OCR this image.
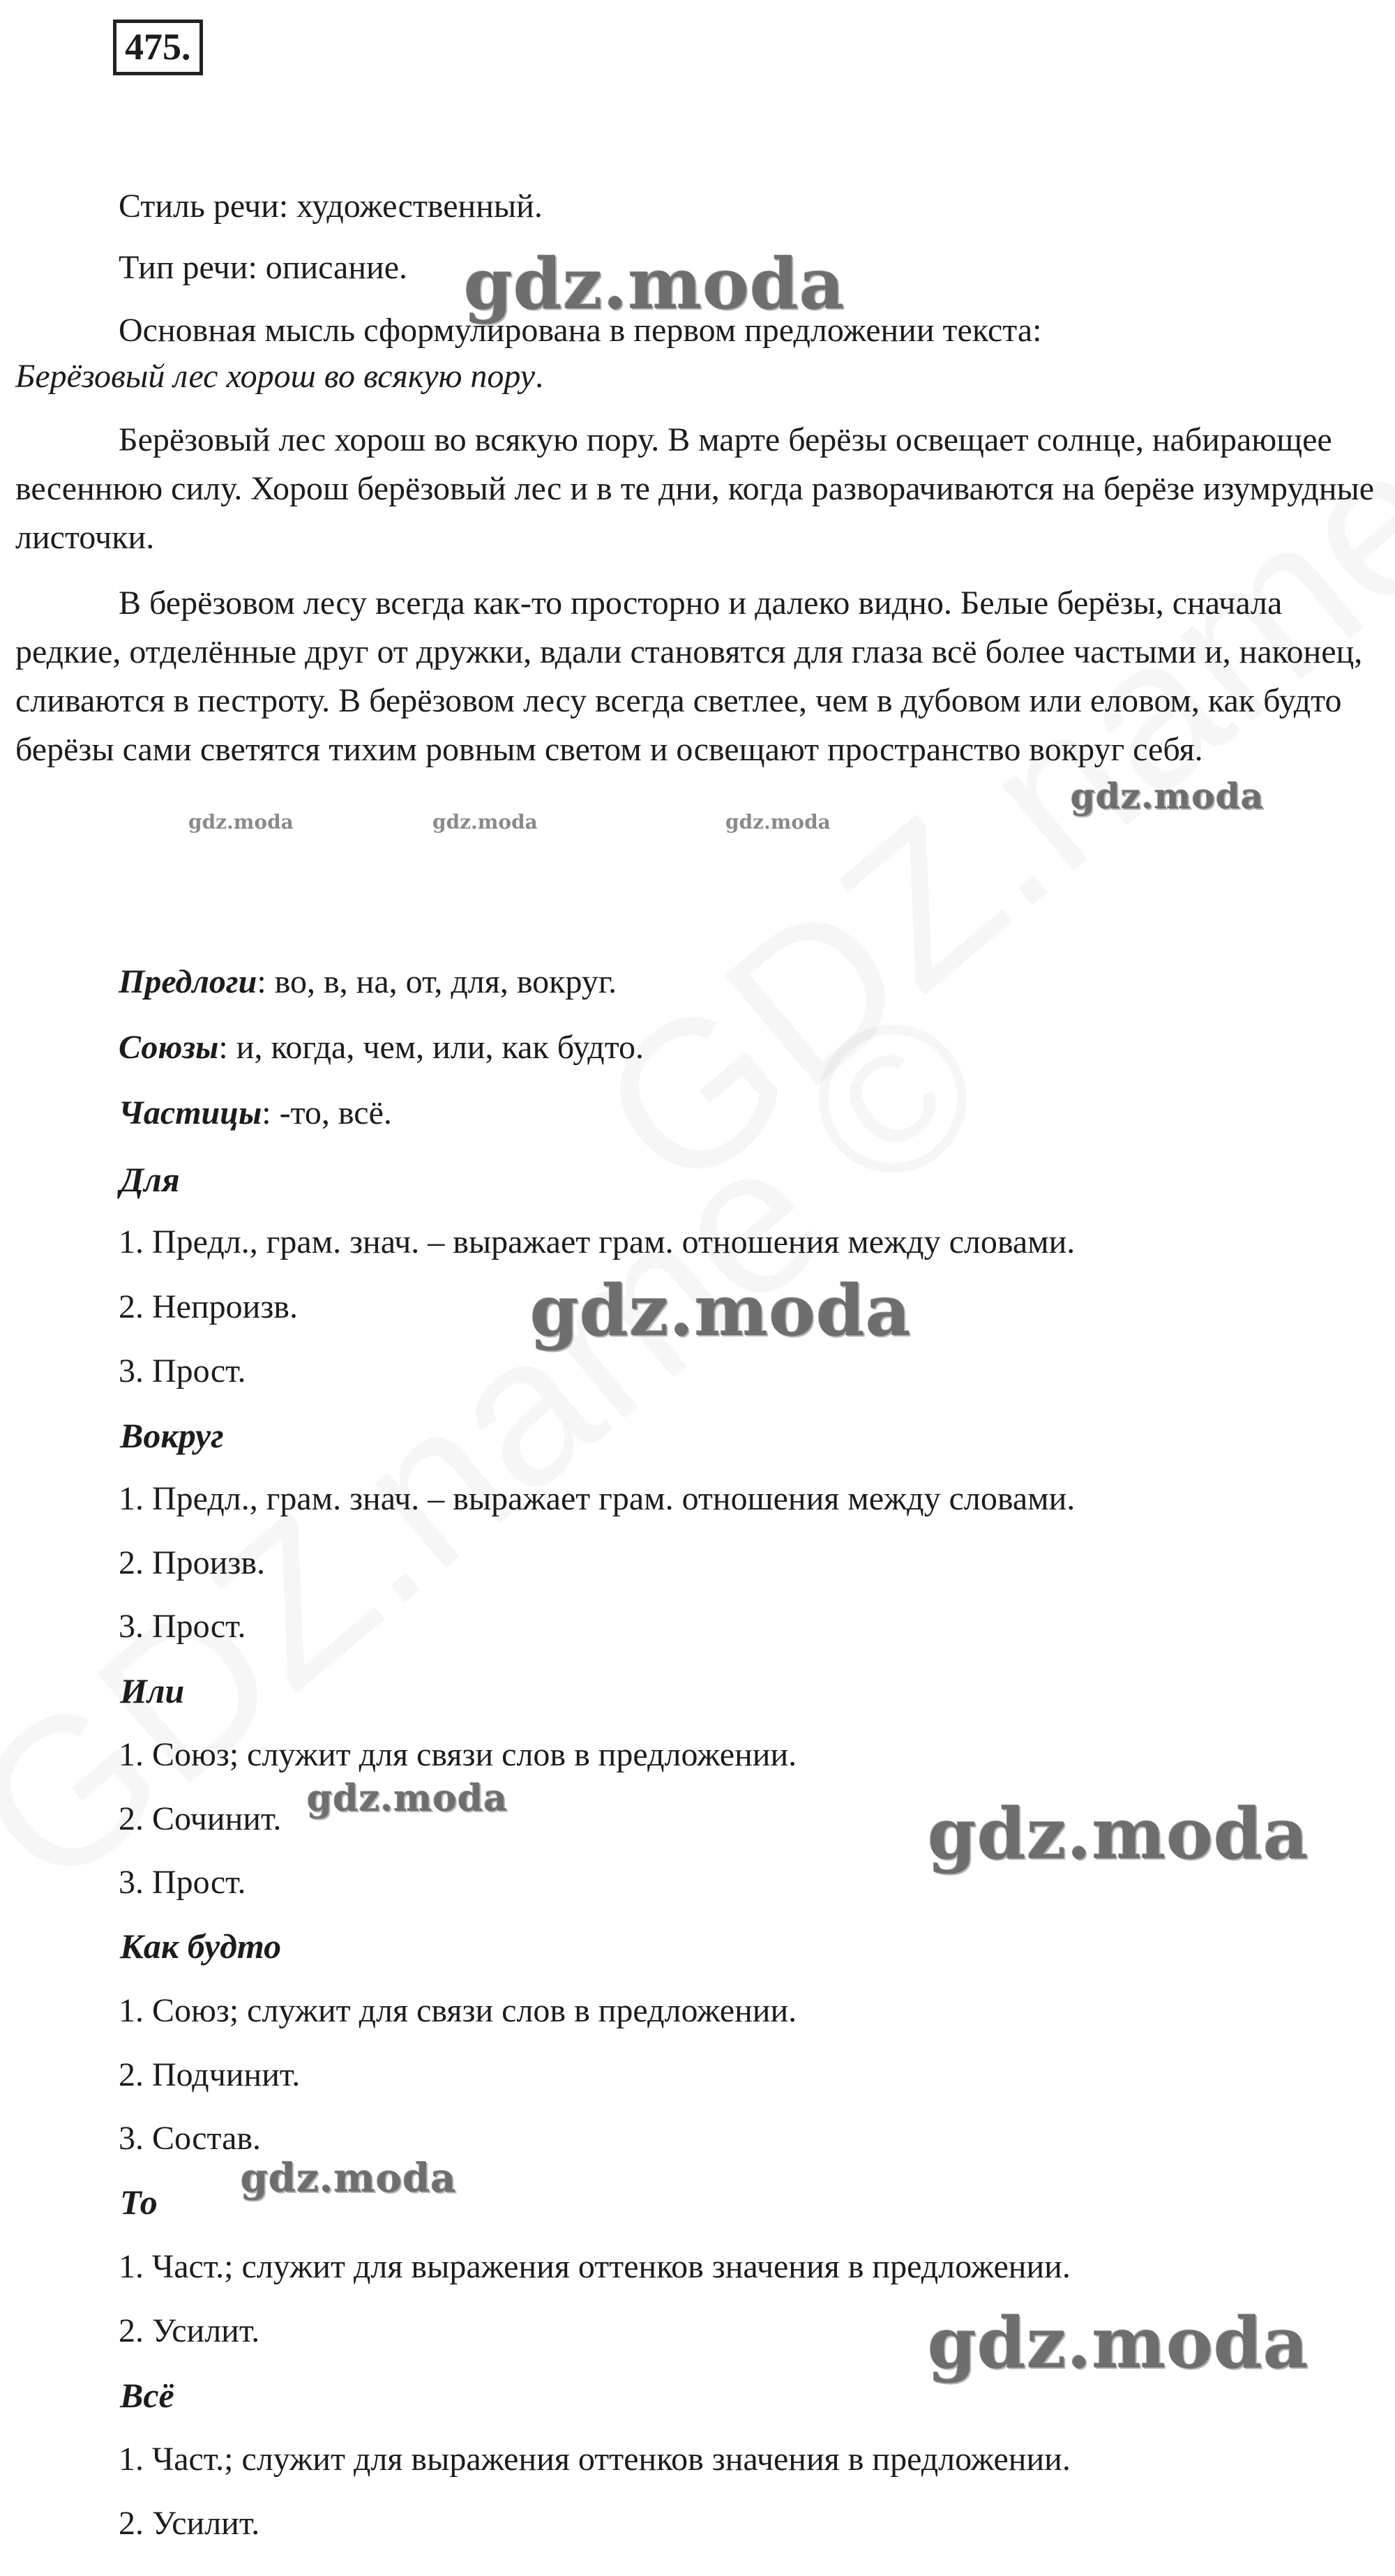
475.
Стиль речи: художественный.
Тип речи: описание.
Основная мысль сформулирована в первом предложении текста:
Берёзовый лес хорош во всякую пору.
Берёзовый лес хорош во всякую пору. В марте берёзы освещает солнце, набирающее весеннюю силу. Хорош берёзовый лес и в те дни, когда разворачиваются на берёзе изумрудные листочки.
В берёзовом лесу всегда как-то просторно и далеко видно. Белые берёзы, сначала редкие, отделённые друг от дружки, вдали становятся для глаза всё более частыми и, наконец, сливаются в пестроту. В берёзовом лесу всегда светлее, чем в дубовом или еловом, как будто берёзы сами светятся тихим ровным светом и освещают пространство вокруг себя.
Предлоги: во, в, на, от, для, вокруг.
Союзы: и, когда, чем, или, как будто.
Частицы: -то, всё.
Для
1. Предл., грам. знач. – выражает грам. отношения между словами.
2. Непроизв.
3. Прост.
Вокруг
1. Предл., грам. знач. – выражает грам. отношения между словами.
2. Произв.
3. Прост.
Или
1. Союз; служит для связи слов в предложении.
2. Сочинит.
3. Прост.
Как будто
1. Союз; служит для связи слов в предложении.
2. Подчинит.
3. Состав.
То
1. Част.; служит для выражения оттенков значения в предложении.
2. Усилит.
Всё
1. Част.; служит для выражения оттенков значения в предложении.
2. Усилит.
gdz.moda
gdz.moda
gdz.moda	gdz.moda	gdz.moda
gdz.moda
gdz.moda	gdz.moda
gdz.moda
gdz.moda
